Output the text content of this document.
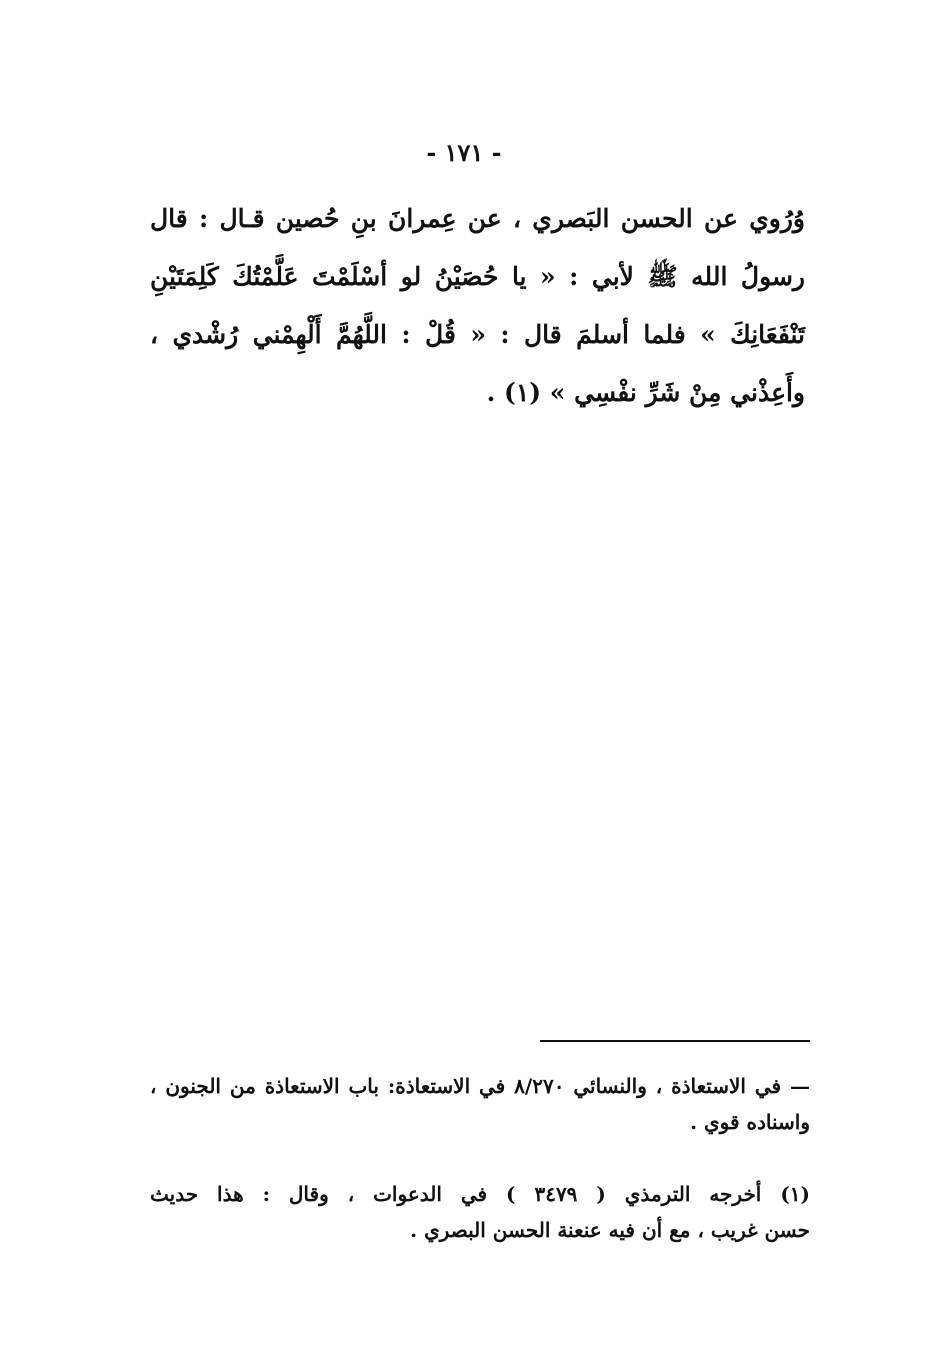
- ١٧١ -
وُرُوي عن الحسن البَصري ، عن عِمرانَ بنِ حُصين قـال : قال
رسولُ الله ﷺ لأبي : « يا حُصَيْنُ لو أسْلَمْتَ عَلَّمْتُكَ كَلِمَتَيْنِ
تَنْفَعَانِكَ » فلما أسلمَ قال : « قُلْ : اللَّهُمَّ أَلْهِمْني رُشْدي ،
وأَعِذْني مِنْ شَرِّ نفْسِي » (١) .
— في الاستعاذة ، والنسائي ٨/٢٧٠ في الاستعاذة: باب الاستعاذة من الجنون ،
واسناده قوي .
(١) أخرجه الترمذي ( ٣٤٧٩ ) في الدعوات ، وقال : هذا حديث
حسن غريب ، مع أن فيه عنعنة الحسن البصري .
